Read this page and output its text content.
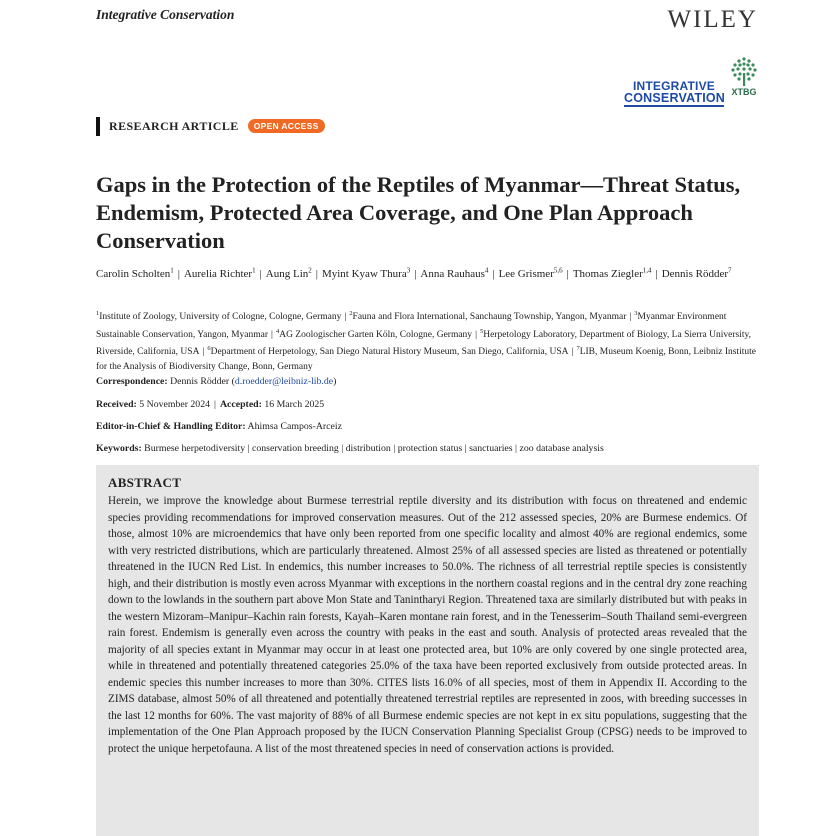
Integrative Conservation	WILEY
INTEGRATIVE
CONSERVATION XTBG
RESEARCH ARTICLE	OPEN ACCESS
Gaps in the Protection of the Reptiles of Myanmar—Threat Status, Endemism, Protected Area Coverage, and One Plan Approach Conservation
Carolin Scholten$^1$ | Aurelia Richter$^1$ | Aung Lin$^2$ | Myint Kyaw Thura$^3$ | Anna Rauhaus$^4$ | Lee Grismer$^{5,6}$ | Thomas Ziegler$^{1,4}$ | Dennis Rödder$^7$
$^1$Institute of Zoology, University of Cologne, Cologne, Germany | $^2$Fauna and Flora International, Sanchaung Township, Yangon, Myanmar | $^3$Myanmar Environment Sustainable Conservation, Yangon, Myanmar | $^4$AG Zoologischer Garten Köln, Cologne, Germany | $^5$Herpetology Laboratory, Department of Biology, La Sierra University, Riverside, California, USA | $^6$Department of Herpetology, San Diego Natural History Museum, San Diego, California, USA | $^7$LIB, Museum Koenig, Bonn, Leibniz Institute for the Analysis of Biodiversity Change, Bonn, Germany
Correspondence: Dennis Rödder (d.roedder@leibniz-lib.de)
Received: 5 November 2024 | Accepted: 16 March 2025
Editor-in-Chief & Handling Editor: Ahimsa Campos-Arceiz
Keywords: Burmese herpetodiversity | conservation breeding | distribution | protection status | sanctuaries | zoo database analysis
ABSTRACT

Herein, we improve the knowledge about Burmese terrestrial reptile diversity and its distribution with focus on threatened and endemic species providing recommendations for improved conservation measures. Out of the 212 assessed species, 20% are Burmese endemics. Of those, almost 10% are microendemics that have only been reported from one specific locality and almost 40% are regional endemics, some with very restricted distributions, which are particularly threatened. Almost 25% of all assessed species are listed as threatened or potentially threatened in the IUCN Red List. In endemics, this number increases to 50.0%. The richness of all terrestrial reptile species is consistently high, and their distribution is mostly even across Myanmar with exceptions in the northern coastal regions and in the central dry zone reaching down to the lowlands in the southern part above Mon State and Tanintharyi Region. Threatened taxa are similarly distributed but with peaks in the western Mizoram–Manipur–Kachin rain forests, Kayah–Karen montane rain forest, and in the Tenesserim–South Thailand semi-evergreen rain forest. Endemism is generally even across the country with peaks in the east and south. Analysis of protected areas revealed that the majority of all species extant in Myanmar may occur in at least one protected area, but 10% are only covered by one single protected area, while in threatened and potentially threatened categories 25.0% of the taxa have been reported exclusively from outside protected areas. In endemic species this number increases to more than 30%. CITES lists 16.0% of all species, most of them in Appendix II. According to the ZIMS database, almost 50% of all threatened and potentially threatened terrestrial reptiles are represented in zoos, with breeding successes in the last 12 months for 60%. The vast majority of 88% of all Burmese endemic species are not kept in ex situ populations, suggesting that the implementation of the One Plan Approach proposed by the IUCN Conservation Planning Specialist Group (CPSG) needs to be improved to protect the unique herpetofauna. A list of the most threatened species in need of conservation actions is provided.
